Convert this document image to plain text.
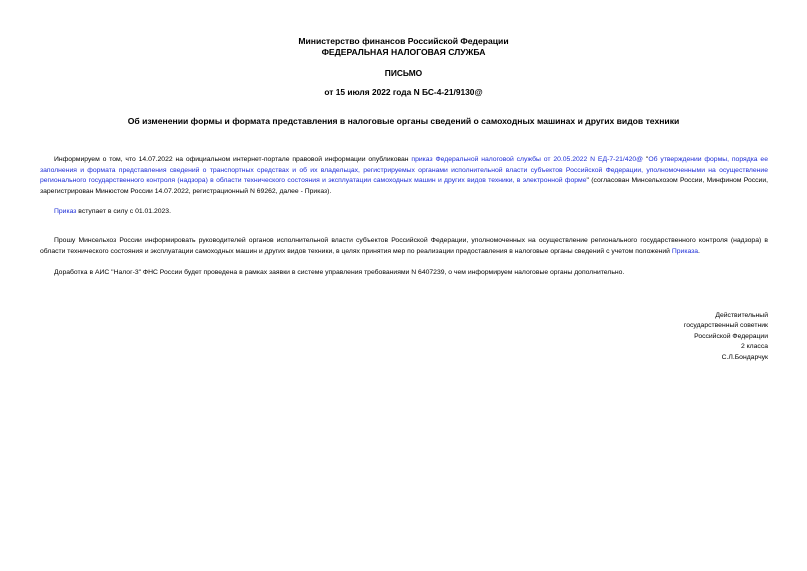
Министерство финансов Российской Федерации
ФЕДЕРАЛЬНАЯ НАЛОГОВАЯ СЛУЖБА
ПИСЬМО
от 15 июля 2022 года N БС-4-21/9130@
Об изменении формы и формата представления в налоговые органы сведений о самоходных машинах и других видов техники

Информируем о том, что 14.07.2022 на официальном интернет-портале правовой информации опубликован приказ Федеральной налоговой службы от 20.05.2022 N ЕД-7-21/420@ "Об утверждении формы, порядка ее заполнения и формата представления сведений о транспортных средствах и об их владельцах, регистрируемых органами исполнительной власти субъектов Российской Федерации, уполномоченными на осуществление регионального государственного контроля (надзора) в области технического состояния и эксплуатации самоходных машин и других видов техники, в электронной форме" (согласован Минсельхозом России, Минфином России, зарегистрирован Минюстом России 14.07.2022, регистрационный N 69262, далее - Приказ).

Приказ вступает в силу с 01.01.2023.

Прошу Минсельхоз России информировать руководителей органов исполнительной власти субъектов Российской Федерации, уполномоченных на осуществление регионального государственного контроля (надзора) в области технического состояния и эксплуатации самоходных машин и других видов техники, в целях принятия мер по реализации предоставления в налоговые органы сведений с учетом положений Приказа.

Доработка в АИС "Налог-3" ФНС России будет проведена в рамках заявки в системе управления требованиями N 6407239, о чем информируем налоговые органы дополнительно.

Действительный
государственный советник
Российской Федерации
2 класса
С.Л.Бондарчук
